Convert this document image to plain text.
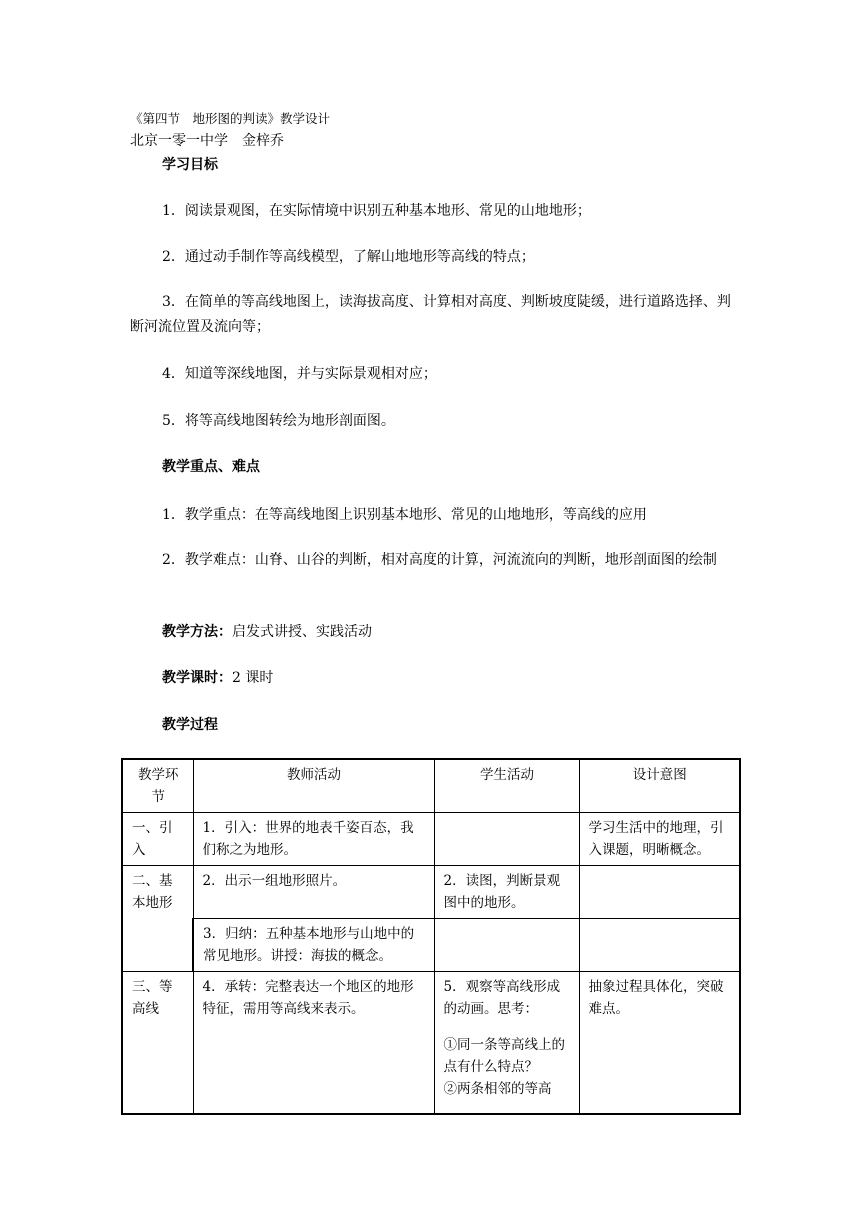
《第四节　地形图的判读》教学设计
北京一零一中学　金梓乔
学习目标
1．阅读景观图，在实际情境中识别五种基本地形、常见的山地地形；
2．通过动手制作等高线模型，了解山地地形等高线的特点；
3．在简单的等高线地图上，读海拔高度、计算相对高度、判断坡度陡缓，进行道路选择、判断河流位置及流向等；
4．知道等深线地图，并与实际景观相对应；
5．将等高线地图转绘为地形剖面图。
教学重点、难点
1．教学重点：在等高线地图上识别基本地形、常见的山地地形，等高线的应用
2．教学难点：山脊、山谷的判断，相对高度的计算，河流流向的判断，地形剖面图的绘制
教学方法：启发式讲授、实践活动
教学课时：2 课时
教学过程
教学环节	教师活动	学生活动	设计意图
一、引入	1．引入：世界的地表千姿百态，我们称之为地形。		学习生活中的地理，引入课题，明晰概念。
二、基本地形	2．出示一组地形照片。	2．读图，判断景观图中的地形。	
	3．归纳：五种基本地形与山地中的常见地形。讲授：海拔的概念。		
三、等高线	4．承转：完整表达一个地区的地形特征，需用等高线来表示。	5．观察等高线形成的动画。思考：
①同一条等高线上的点有什么特点？
②两条相邻的等高	抽象过程具体化，突破难点。
